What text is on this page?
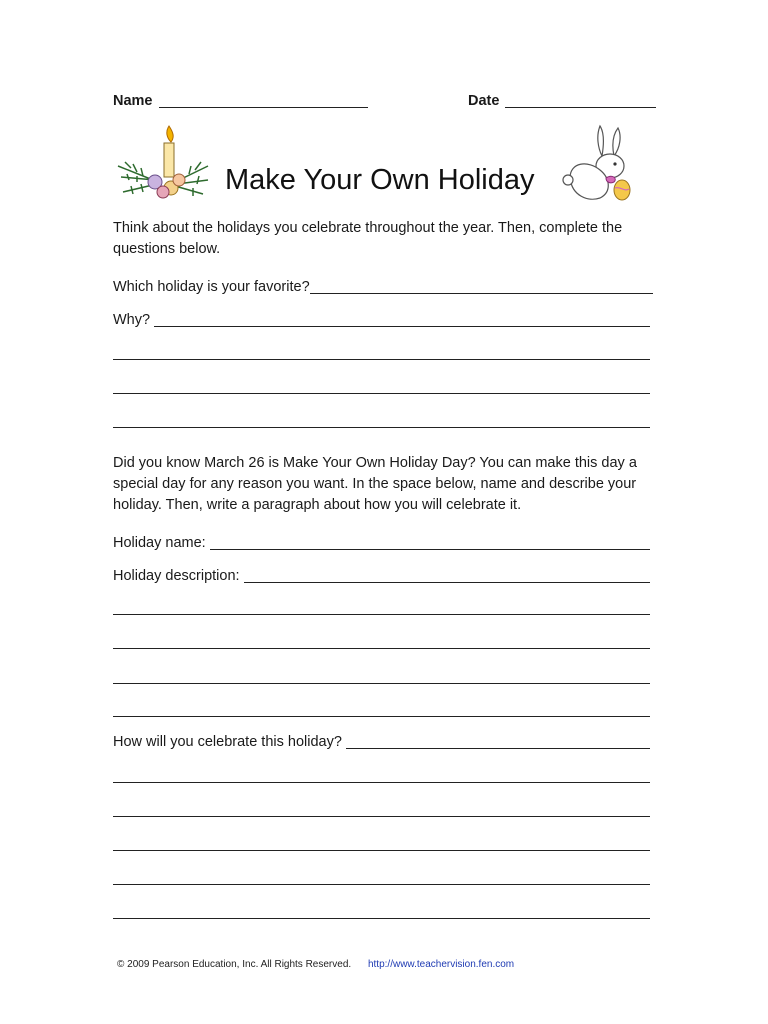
Name	Date
Make Your Own Holiday
Think about the holidays you celebrate throughout the year. Then, complete the questions below.
Which holiday is your favorite?
Why?
Did you know March 26 is Make Your Own Holiday Day? You can make this day a special day for any reason you want. In the space below, name and describe your holiday. Then, write a paragraph about how you will celebrate it.
Holiday name:
Holiday description:
How will you celebrate this holiday?
© 2009 Pearson Education, Inc. All Rights Reserved. http://www.teachervision.fen.com
